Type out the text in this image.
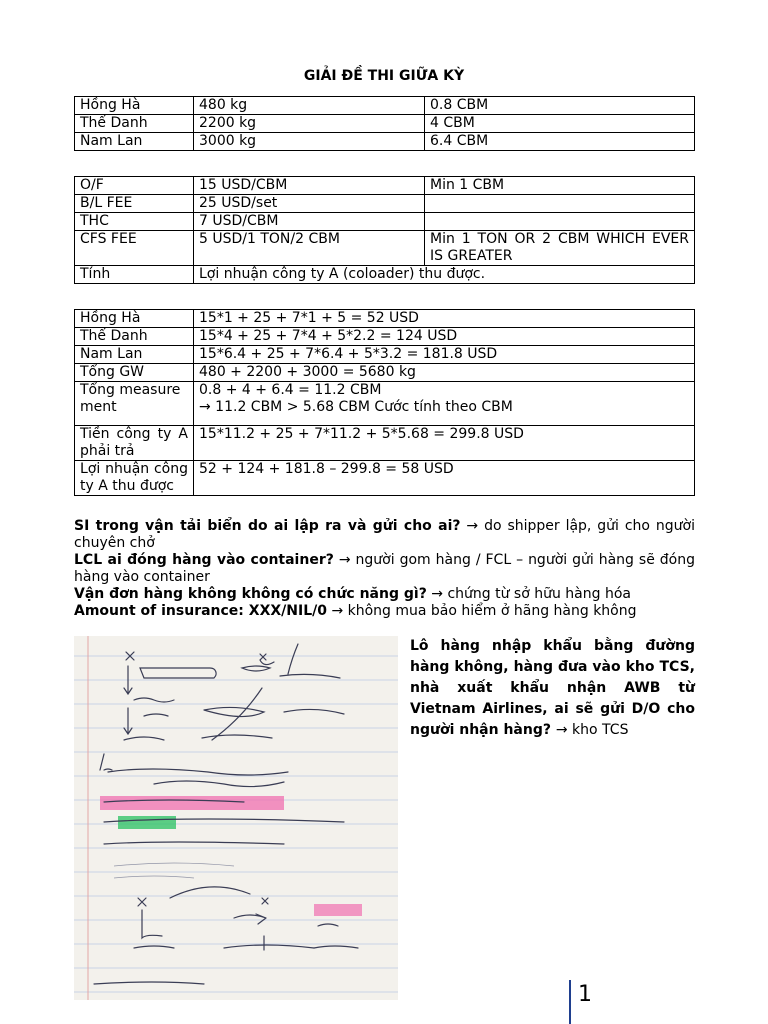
GIẢI ĐỀ THI GIỮA KỲ
Hồng Hà	480 kg	0.8 CBM
Thế Danh	2200 kg	4 CBM
Nam Lan	3000 kg	6.4 CBM
O/F	15 USD/CBM	Min 1 CBM
B/L FEE	25 USD/set	
THC	7 USD/CBM	
CFS FEE	5 USD/1 TON/2 CBM	Min 1 TON OR 2 CBM WHICH EVER IS GREATER
Tính	Lợi nhuận công ty A (coloader) thu được.	
Hồng Hà	15*1 + 25 + 7*1 + 5 = 52 USD
Thế Danh	15*4 + 25 + 7*4 + 5*2.2 = 124 USD
Nam Lan	15*6.4 + 25 + 7*6.4 + 5*3.2 = 181.8 USD
Tổng GW	480 + 2200 + 3000 = 5680 kg
Tổng measurement	0.8 + 4 + 6.4 = 11.2 CBM
→ 11.2 CBM > 5.68 CBM Cước tính theo CBM

Tiền công ty A phải trả	15*11.2 + 25 + 7*11.2 + 5*5.68 = 299.8 USD
Lợi nhuận công ty A thu được	52 + 124 + 181.8 – 299.8 = 58 USD
SI trong vận tải biển do ai lập ra và gửi cho ai? → do shipper lập, gửi cho người chuyên chở
LCL ai đóng hàng vào container? → người gom hàng / FCL – người gửi hàng sẽ đóng hàng vào container
Vận đơn hàng không không có chức năng gì? → chứng từ sở hữu hàng hóa
Amount of insurance: XXX/NIL/0 → không mua bảo hiểm ở hãng hàng không
Lô hàng nhập khẩu bằng đường hàng không, hàng đưa vào kho TCS, nhà xuất khẩu nhận AWB từ Vietnam Airlines, ai sẽ gửi D/O cho người nhận hàng? → kho TCS
1
